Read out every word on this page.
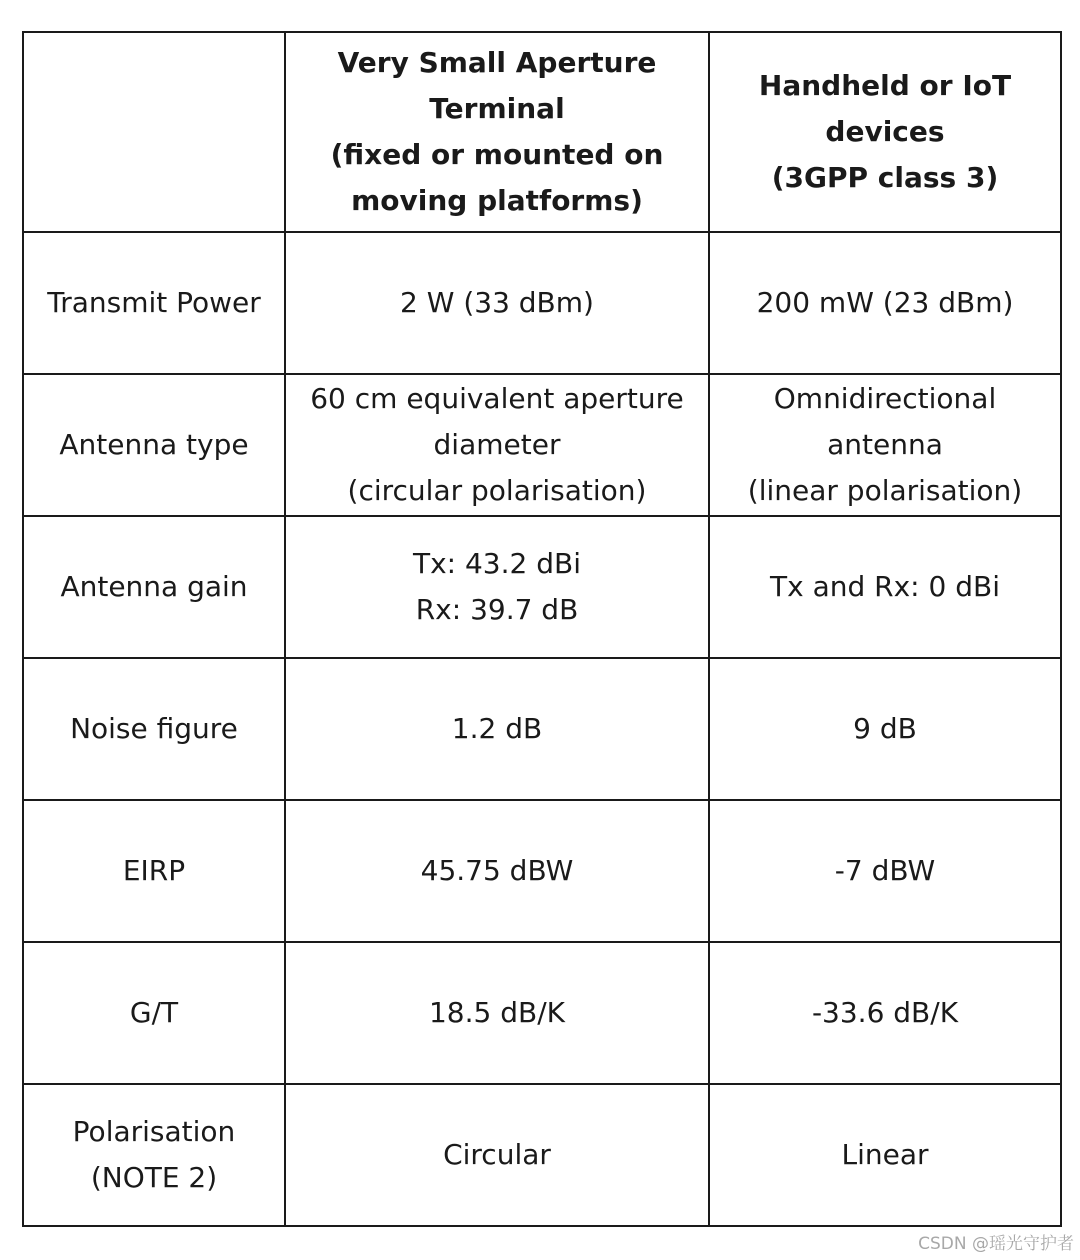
	Very Small Aperture
Terminal
(fixed or mounted on
moving platforms)	Handheld or IoT
devices
(3GPP class 3)
Transmit Power	2 W (33 dBm)	200 mW (23 dBm)
Antenna type	60 cm equivalent aperture
diameter
(circular polarisation)	Omnidirectional
antenna
(linear polarisation)
Antenna gain	Tx: 43.2 dBi
Rx: 39.7 dB	Tx and Rx: 0 dBi
Noise figure	1.2 dB	9 dB
EIRP	45.75 dBW	-7 dBW
G/T	18.5 dB/K	-33.6 dB/K
Polarisation
(NOTE 2)	Circular	Linear
CSDN @瑶光守护者
